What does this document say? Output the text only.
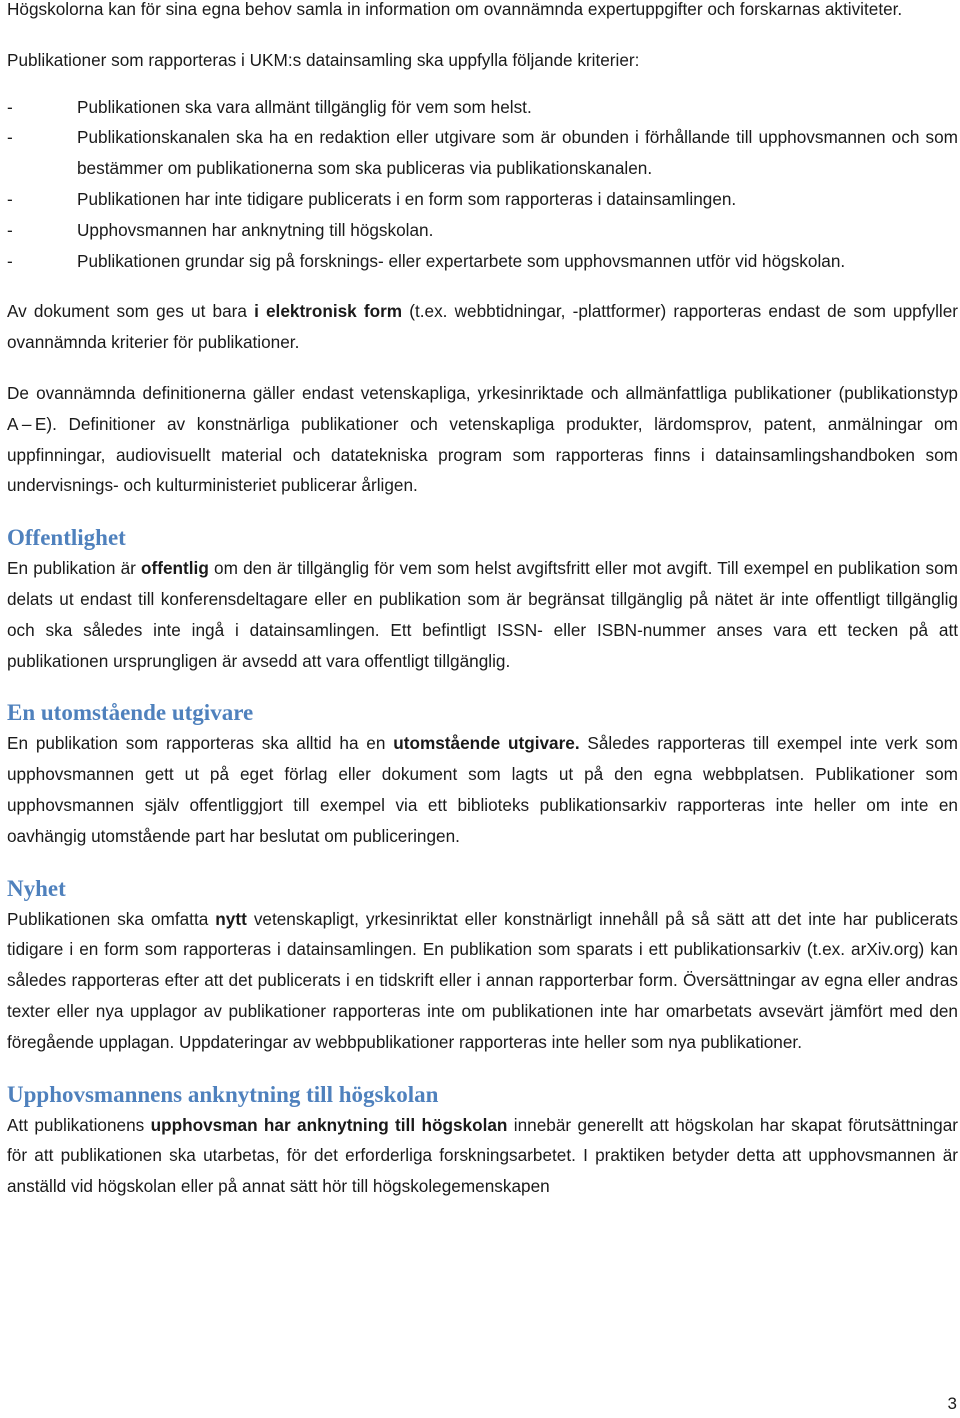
Högskolorna kan för sina egna behov samla in information om ovannämnda expertuppgifter och forskarnas aktiviteter.

Publikationer som rapporteras i UKM:s datainsamling ska uppfylla följande kriterier:

-	Publikationen ska vara allmänt tillgänglig för vem som helst.
-	Publikationskanalen ska ha en redaktion eller utgivare som är obunden i förhållande till upphovsmannen och som bestämmer om publikationerna som ska publiceras via publikationskanalen.
-	Publikationen har inte tidigare publicerats i en form som rapporteras i datainsamlingen.
-	Upphovsmannen har anknytning till högskolan.
-	Publikationen grundar sig på forsknings- eller expertarbete som upphovsmannen utför vid högskolan.

Av dokument som ges ut bara i elektronisk form (t.ex. webbtidningar, -plattformer) rapporteras endast de som uppfyller ovannämnda kriterier för publikationer.

De ovannämnda definitionerna gäller endast vetenskapliga, yrkesinriktade och allmänfattliga publikationer (publikationstyp A – E). Definitioner av konstnärliga publikationer och vetenskapliga produkter, lärdomsprov, patent, anmälningar om uppfinningar, audiovisuellt material och datatekniska program som rapporteras finns i datainsamlingshandboken som undervisnings- och kulturministeriet publicerar årligen.

Offentlighet

En publikation är offentlig om den är tillgänglig för vem som helst avgiftsfritt eller mot avgift. Till exempel en publikation som delats ut endast till konferensdeltagare eller en publikation som är begränsat tillgänglig på nätet är inte offentligt tillgänglig och ska således inte ingå i datainsamlingen. Ett befintligt ISSN- eller ISBN-nummer anses vara ett tecken på att publikationen ursprungligen är avsedd att vara offentligt tillgänglig.

En utomstående utgivare

En publikation som rapporteras ska alltid ha en utomstående utgivare. Således rapporteras till exempel inte verk som upphovsmannen gett ut på eget förlag eller dokument som lagts ut på den egna webbplatsen. Publikationer som upphovsmannen själv offentliggjort till exempel via ett biblioteks publikationsarkiv rapporteras inte heller om inte en oavhängig utomstående part har beslutat om publiceringen.

Nyhet

Publikationen ska omfatta nytt vetenskapligt, yrkesinriktat eller konstnärligt innehåll på så sätt att det inte har publicerats tidigare i en form som rapporteras i datainsamlingen. En publikation som sparats i ett publikationsarkiv (t.ex. arXiv.org) kan således rapporteras efter att det publicerats i en tidskrift eller i annan rapporterbar form. Översättningar av egna eller andras texter eller nya upplagor av publikationer rapporteras inte om publikationen inte har omarbetats avsevärt jämfört med den föregående upplagan. Uppdateringar av webbpublikationer rapporteras inte heller som nya publikationer.

Upphovsmannens anknytning till högskolan

Att publikationens upphovsman har anknytning till högskolan innebär generellt att högskolan har skapat förutsättningar för att publikationen ska utarbetas, för det erforderliga forskningsarbetet. I praktiken betyder detta att upphovsmannen är anställd vid högskolan eller på annat sätt hör till högskolegemenskapen

3
